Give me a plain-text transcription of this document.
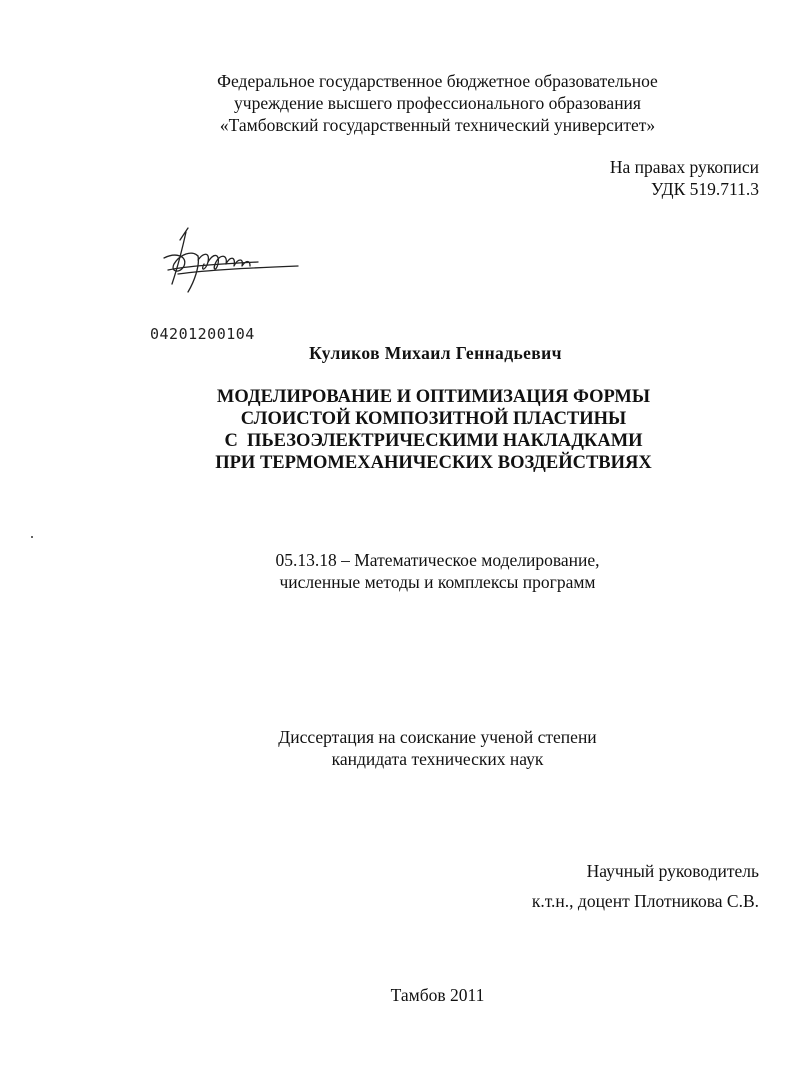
Федеральное государственное бюджетное образовательное
учреждение высшего профессионального образования
«Тамбовский государственный технический университет»
На правах рукописи
УДК 519.711.3
04201200104
Куликов Михаил Геннадьевич
МОДЕЛИРОВАНИЕ И ОПТИМИЗАЦИЯ ФОРМЫ
СЛОИСТОЙ КОМПОЗИТНОЙ ПЛАСТИНЫ
С  ПЬЕЗОЭЛЕКТРИЧЕСКИМИ НАКЛАДКАМИ
ПРИ ТЕРМОМЕХАНИЧЕСКИХ ВОЗДЕЙСТВИЯХ
05.13.18 – Математическое моделирование,
численные методы и комплексы программ
Диссертация на соискание ученой степени
кандидата технических наук
Научный руководитель
к.т.н., доцент Плотникова С.В.
Тамбов 2011
